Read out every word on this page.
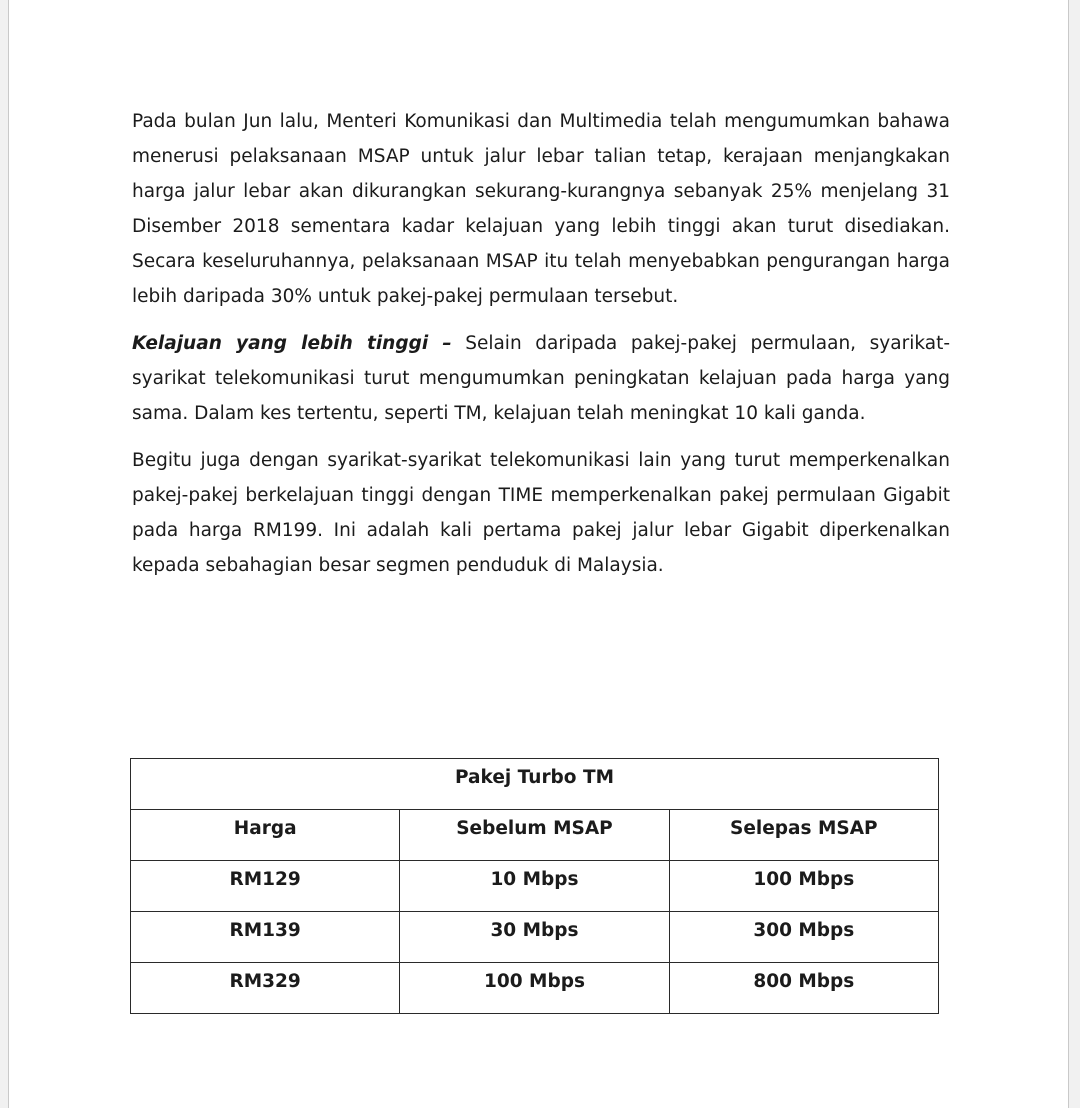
Pada bulan Jun lalu, Menteri Komunikasi dan Multimedia telah mengumumkan bahawa menerusi pelaksanaan MSAP untuk jalur lebar talian tetap, kerajaan menjangkakan harga jalur lebar akan dikurangkan sekurang-kurangnya sebanyak 25% menjelang 31 Disember 2018 sementara kadar kelajuan yang lebih tinggi akan turut disediakan. Secara keseluruhannya, pelaksanaan MSAP itu telah menyebabkan pengurangan harga lebih daripada 30% untuk pakej-pakej permulaan tersebut.

Kelajuan yang lebih tinggi – Selain daripada pakej-pakej permulaan, syarikat-syarikat telekomunikasi turut mengumumkan peningkatan kelajuan pada harga yang sama. Dalam kes tertentu, seperti TM, kelajuan telah meningkat 10 kali ganda.

Begitu juga dengan syarikat-syarikat telekomunikasi lain yang turut memperkenalkan pakej-pakej berkelajuan tinggi dengan TIME memperkenalkan pakej permulaan Gigabit pada harga RM199. Ini adalah kali pertama pakej jalur lebar Gigabit diperkenalkan kepada sebahagian besar segmen penduduk di Malaysia.

Pakej Turbo TM		
Harga	Sebelum MSAP	Selepas MSAP
RM129	10 Mbps	100 Mbps
RM139	30 Mbps	300 Mbps
RM329	100 Mbps	800 Mbps
